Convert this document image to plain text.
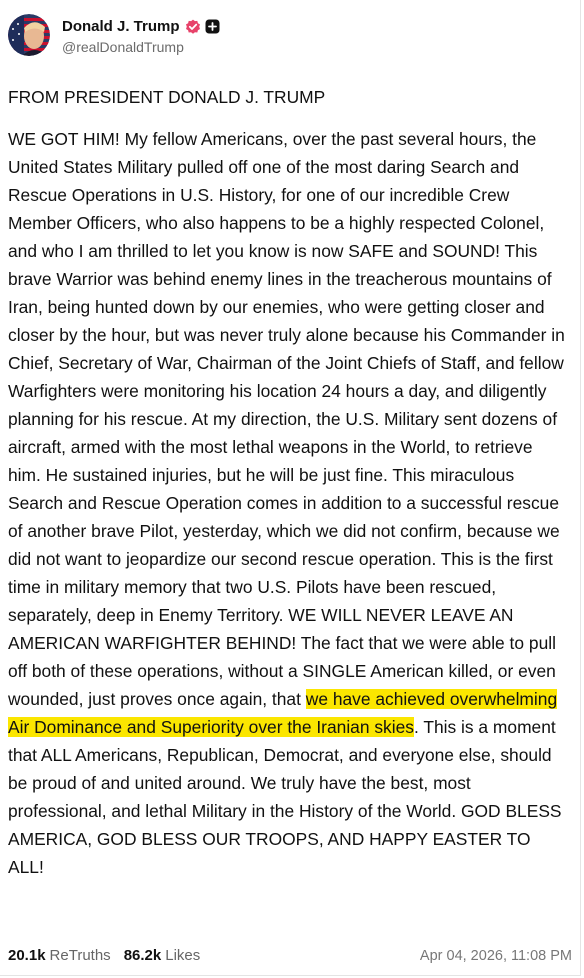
Donald J. Trump
@realDonaldTrump

FROM PRESIDENT DONALD J. TRUMP

WE GOT HIM! My fellow Americans, over the past several hours, the United States Military pulled off one of the most daring Search and Rescue Operations in U.S. History, for one of our incredible Crew Member Officers, who also happens to be a highly respected Colonel, and who I am thrilled to let you know is now SAFE and SOUND! This brave Warrior was behind enemy lines in the treacherous mountains of Iran, being hunted down by our enemies, who were getting closer and closer by the hour, but was never truly alone because his Commander in Chief, Secretary of War, Chairman of the Joint Chiefs of Staff, and fellow Warfighters were monitoring his location 24 hours a day, and diligently planning for his rescue. At my direction, the U.S. Military sent dozens of aircraft, armed with the most lethal weapons in the World, to retrieve him. He sustained injuries, but he will be just fine. This miraculous Search and Rescue Operation comes in addition to a successful rescue of another brave Pilot, yesterday, which we did not confirm, because we did not want to jeopardize our second rescue operation. This is the first time in military memory that two U.S. Pilots have been rescued, separately, deep in Enemy Territory. WE WILL NEVER LEAVE AN AMERICAN WARFIGHTER BEHIND! The fact that we were able to pull off both of these operations, without a SINGLE American killed, or even wounded, just proves once again, that we have achieved overwhelming Air Dominance and Superiority over the Iranian skies. This is a moment that ALL Americans, Republican, Democrat, and everyone else, should be proud of and united around. We truly have the best, most professional, and lethal Military in the History of the World. GOD BLESS AMERICA, GOD BLESS OUR TROOPS, AND HAPPY EASTER TO ALL!

20.1k ReTruths 86.2k Likes	Apr 04, 2026, 11:08 PM
